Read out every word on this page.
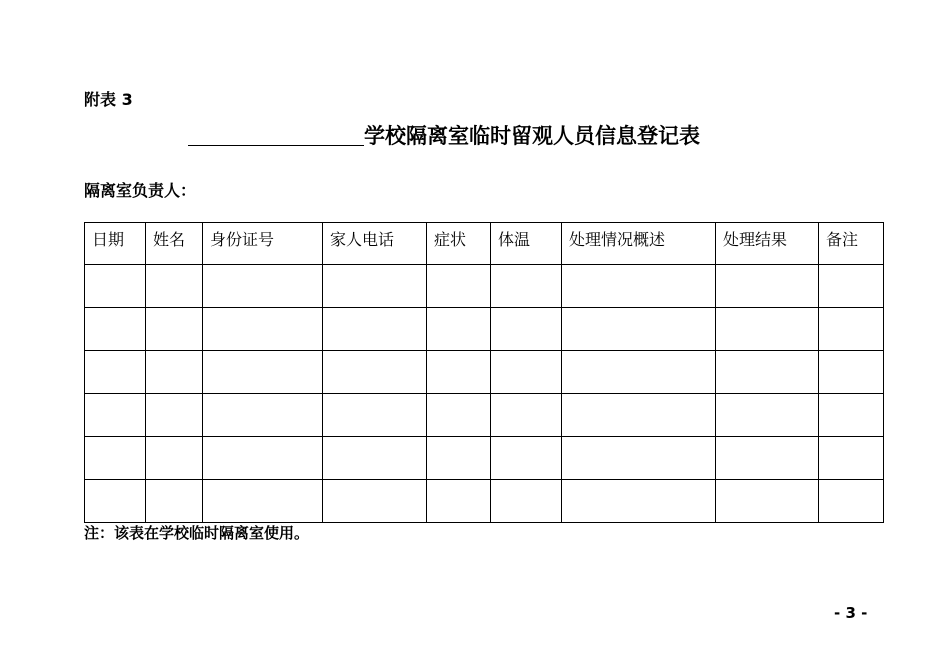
附表 3
学校隔离室临时留观人员信息登记表
隔离室负责人：
日期	姓名	身份证号	家人电话	症状	体温	处理情况概述	处理结果	备注

注：该表在学校临时隔离室使用。
- 3 -
